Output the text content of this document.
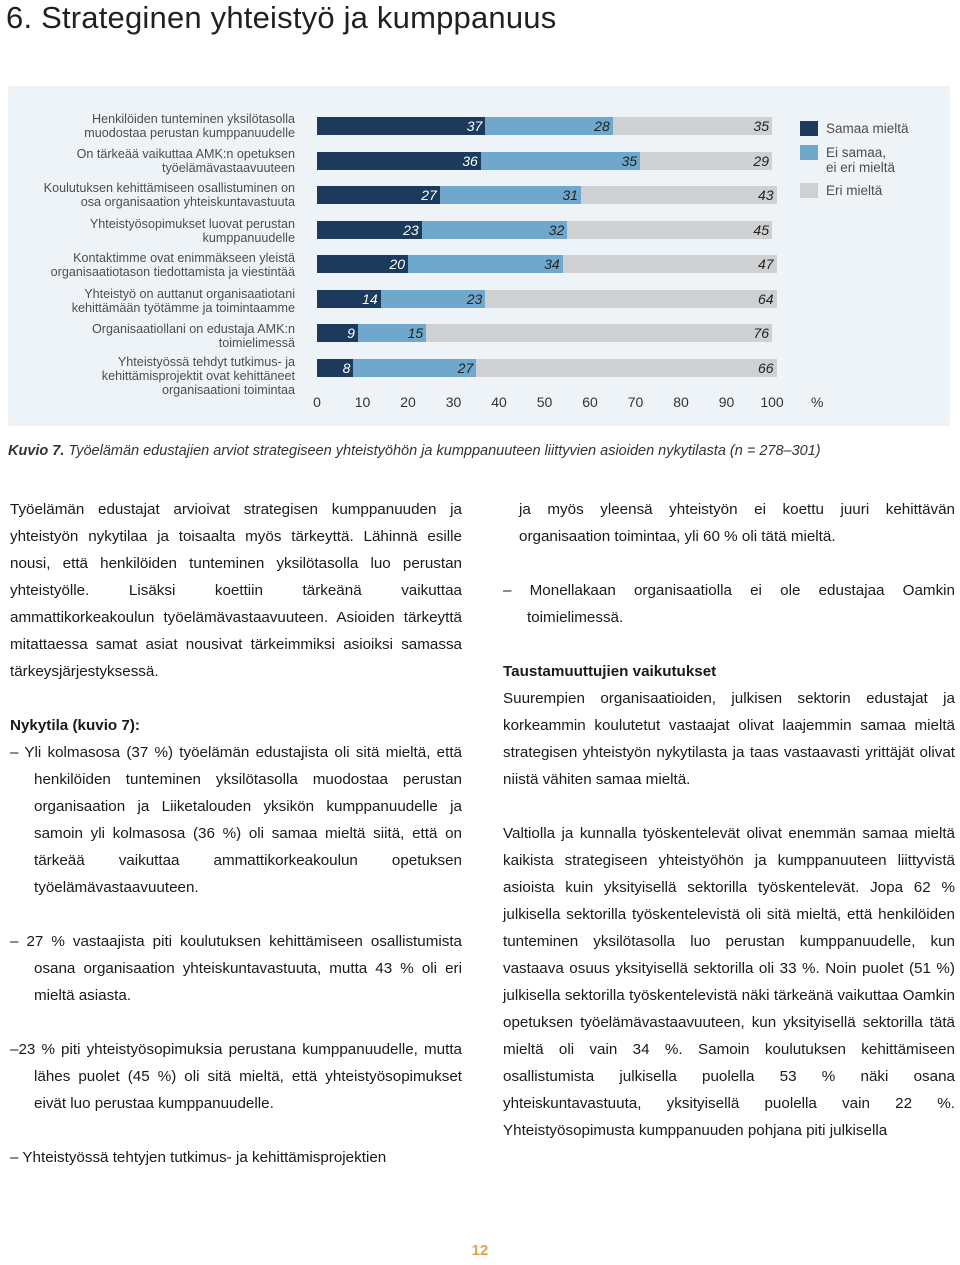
6. Strateginen yhteistyö ja kumppanuus
Henkilöiden tunteminen yksilötasolla
muodostaa perustan kumppanuudelle	37	28	35
On tärkeää vaikuttaa AMK:n opetuksen
työelämävastaavuuteen	36	35	29
Koulutuksen kehittämiseen osallistuminen on
osa organisaation yhteiskuntavastuuta	27	31	43
Yhteistyösopimukset luovat perustan
kumppanuudelle
23	32	45
Kontaktimme ovat enimmäkseen yleistä
organisaatiotason tiedottamista ja viestintää	20	34	47
Yhteistyö on auttanut organisaatiotani
kehittämään työtämme ja toimintaamme
14	23	64
Organisaatiollani on edustaja AMK:n
toimielimessä
9	15	76
Yhteistyössä tehdyt tutkimus- ja
kehittämisprojektit ovat kehittäneet
organisaationi toimintaa
8	27	66
0 10 20 30 40 50 60 70 80 90 100 %
Samaa mieltä
Ei samaa,
ei eri mieltä
Eri mieltä
Kuvio 7. Työelämän edustajien arviot strategiseen yhteistyöhön ja kumppanuuteen liittyvien asioiden nykytilasta (n = 278–301)

Työelämän edustajat arvioivat strategisen kumppanuuden ja yhteistyön nykytilaa ja toisaalta myös tärkeyttä. Lähinnä esille nousi, että henkilöiden tunteminen yksilötasolla luo perustan yhteistyölle. Lisäksi koettiin tärkeänä vaikuttaa ammattikorkeakoulun työelämävastaavuuteen. Asioiden tärkeyttä mitattaessa samat asiat nousivat tärkeimmiksi asioiksi samassa tärkeysjärjestyksessä.

Nykytila (kuvio 7):

– Yli kolmasosa (37 %) työelämän edustajista oli sitä mieltä, että henkilöiden tunteminen yksilötasolla muodostaa perustan organisaation ja Liiketalouden yksikön kumppanuudelle ja samoin yli kolmasosa (36 %) oli samaa mieltä siitä, että on tärkeää vaikuttaa ammattikorkeakoulun opetuksen työelämävastaavuuteen.

– 27 % vastaajista piti koulutuksen kehittämiseen osallistumista osana organisaation yhteiskuntavastuuta, mutta 43 % oli eri mieltä asiasta.

–23 % piti yhteistyösopimuksia perustana kumppanuudelle, mutta lähes puolet (45 %) oli sitä mieltä, että yhteistyösopimukset eivät luo perustaa kumppanuudelle.

– Yhteistyössä tehtyjen tutkimus- ja kehittämisprojektien

ja myös yleensä yhteistyön ei koettu juuri kehittävän organisaation toimintaa, yli 60 % oli tätä mieltä.

– Monellakaan organisaatiolla ei ole edustajaa Oamkin toimielimessä.

Taustamuuttujien vaikutukset

Suurempien organisaatioiden, julkisen sektorin edustajat ja korkeammin koulutetut vastaajat olivat laajemmin samaa mieltä strategisen yhteistyön nykytilasta ja taas vastaavasti yrittäjät olivat niistä vähiten samaa mieltä.

Valtiolla ja kunnalla työskentelevät olivat enemmän samaa mieltä kaikista strategiseen yhteistyöhön ja kumppanuuteen liittyvistä asioista kuin yksityisellä sektorilla työskentelevät. Jopa 62 % julkisella sektorilla työskentelevistä oli sitä mieltä, että henkilöiden tunteminen yksilötasolla luo perustan kumppanuudelle, kun vastaava osuus yksityisellä sektorilla oli 33 %. Noin puolet (51 %) julkisella sektorilla työskentelevistä näki tärkeänä vaikuttaa Oamkin opetuksen työelämävastaavuuteen, kun yksityisellä sektorilla tätä mieltä oli vain 34 %. Samoin koulutuksen kehittämiseen osallistumista julkisella puolella 53 % näki osana yhteiskuntavastuuta, yksityisellä puolella vain 22 %. Yhteistyösopimusta kumppanuuden pohjana piti julkisella

12
